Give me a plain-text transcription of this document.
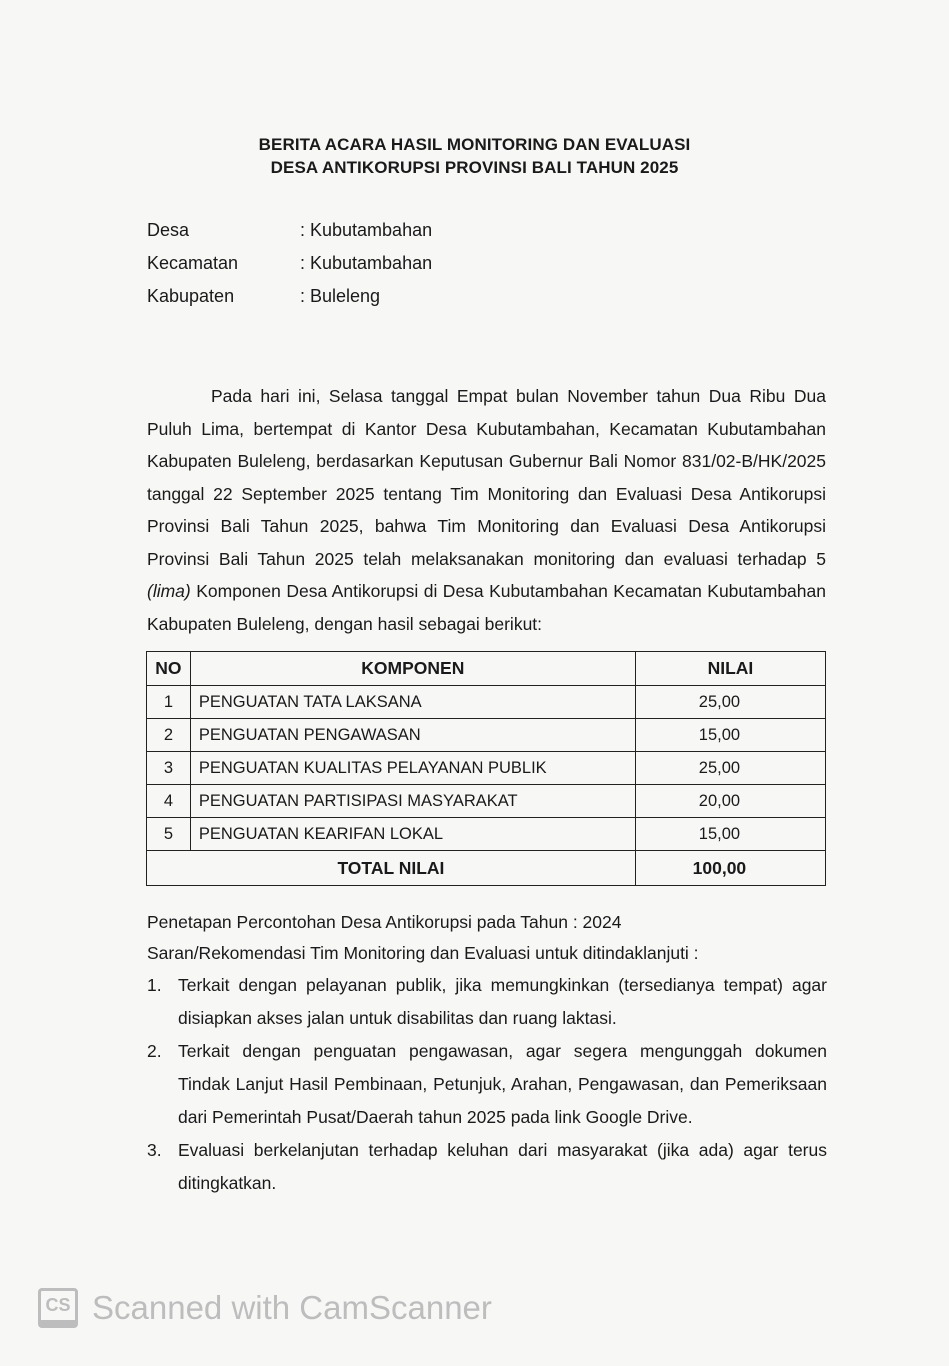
BERITA ACARA HASIL MONITORING DAN EVALUASI
DESA ANTIKORUPSI PROVINSI BALI TAHUN 2025
Desa	: Kubutambahan
Kecamatan	: Kubutambahan
Kabupaten	: Buleleng

Pada hari ini, Selasa tanggal Empat bulan November tahun Dua Ribu Dua Puluh Lima, bertempat di Kantor Desa Kubutambahan, Kecamatan Kubutambahan Kabupaten Buleleng, berdasarkan Keputusan Gubernur Bali Nomor 831/02-B/HK/2025 tanggal 22 September 2025 tentang Tim Monitoring dan Evaluasi Desa Antikorupsi Provinsi Bali Tahun 2025, bahwa Tim Monitoring dan Evaluasi Desa Antikorupsi Provinsi Bali Tahun 2025 telah melaksanakan monitoring dan evaluasi terhadap 5 (lima) Komponen Desa Antikorupsi di Desa Kubutambahan Kecamatan Kubutambahan Kabupaten Buleleng, dengan hasil sebagai berikut:

NO	KOMPONEN	NILAI
1	PENGUATAN TATA LAKSANA	25,00
2	PENGUATAN PENGAWASAN	15,00
3	PENGUATAN KUALITAS PELAYANAN PUBLIK	25,00
4	PENGUATAN PARTISIPASI MASYARAKAT	20,00
5	PENGUATAN KEARIFAN LOKAL	15,00
TOTAL NILAI		100,00
Penetapan Percontohan Desa Antikorupsi pada Tahun : 2024
Saran/Rekomendasi Tim Monitoring dan Evaluasi untuk ditindaklanjuti :
1. Terkait dengan pelayanan publik, jika memungkinkan (tersedianya tempat) agar disiapkan akses jalan untuk disabilitas dan ruang laktasi.
2. Terkait dengan penguatan pengawasan, agar segera mengunggah dokumen Tindak Lanjut Hasil Pembinaan, Petunjuk, Arahan, Pengawasan, dan Pemeriksaan dari Pemerintah Pusat/Daerah tahun 2025 pada link Google Drive.
3. Evaluasi berkelanjutan terhadap keluhan dari masyarakat (jika ada) agar terus ditingkatkan.
CS Scanned with CamScanner
